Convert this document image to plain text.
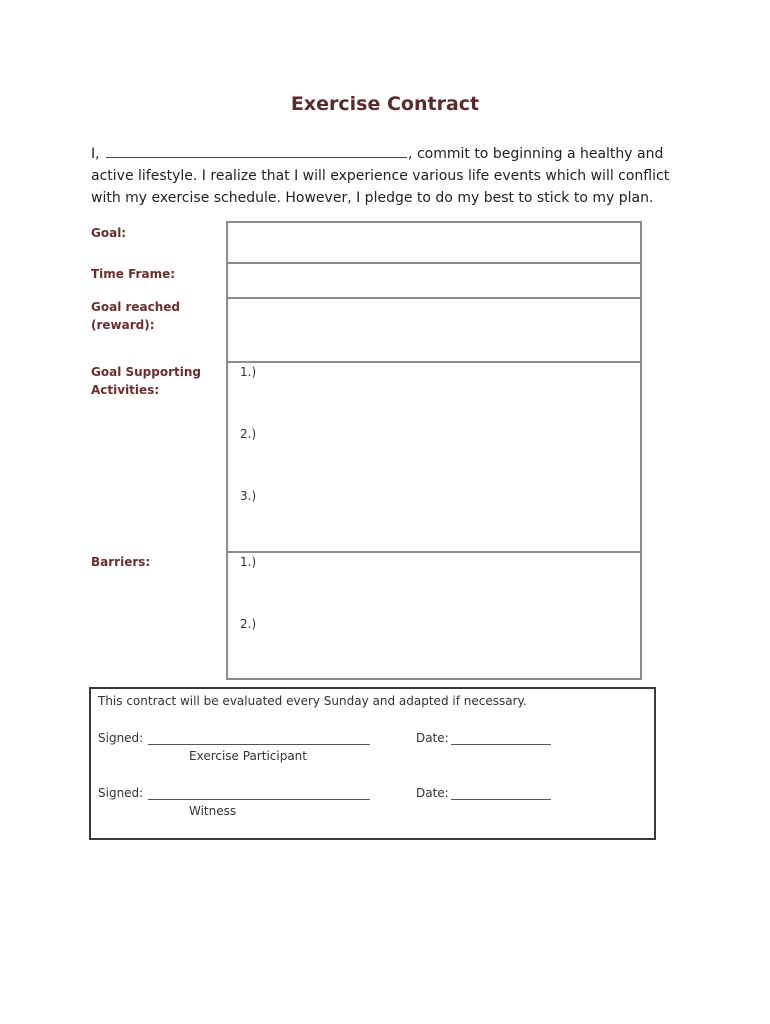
Exercise Contract
I,	, commit to beginning a healthy and
active lifestyle. I realize that I will experience various life events which will conflict with my exercise schedule. However, I pledge to do my best to stick to my plan.
Goal:
Time Frame:
Goal reached
(reward):
Goal Supporting
Activities:
1.)
2.)
3.)
Barriers:	1.)
2.)
This contract will be evaluated every Sunday and adapted if necessary.
Signed:	Date:
Exercise Participant
Signed:	Date:
Witness
